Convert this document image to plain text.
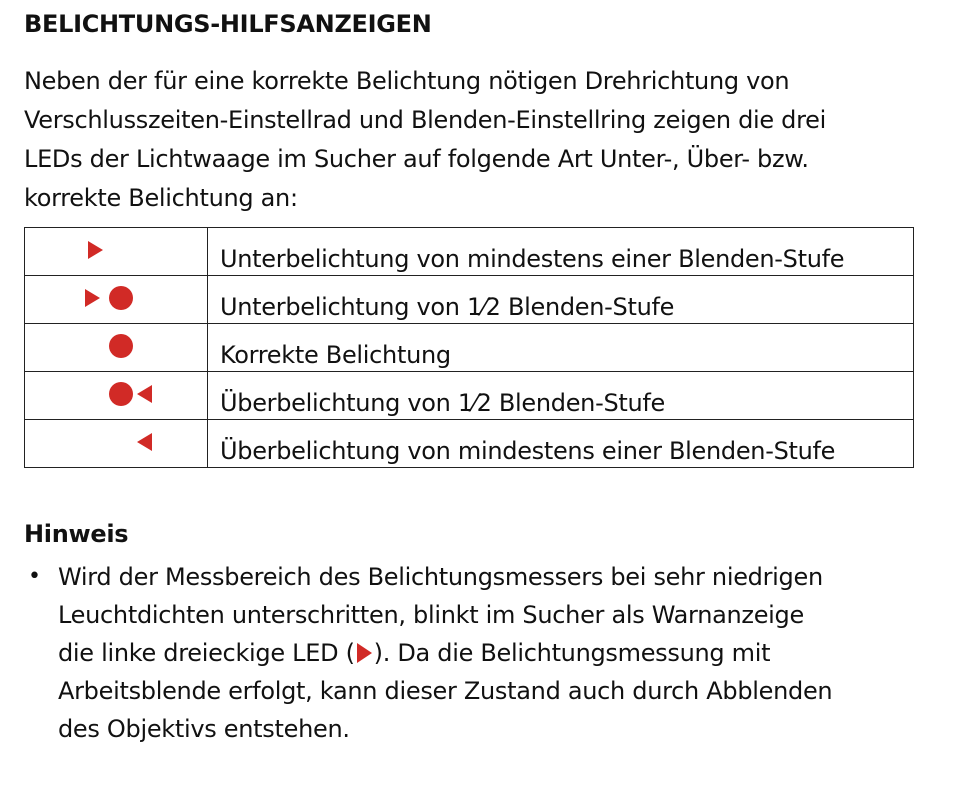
BELICHTUNGS-HILFSANZEIGEN
Neben der für eine korrekte Belichtung nötigen Drehrichtung von
Verschlusszeiten-Einstellrad und Blenden-Einstellring zeigen die drei
LEDs der Lichtwaage im Sucher auf folgende Art Unter-, Über- bzw.
korrekte Belichtung an:
	Unterbelichtung von mindestens einer Blenden-Stufe

	Unterbelichtung von 1⁄2 Blenden-Stufe

	Korrekte Belichtung

	Überbelichtung von 1⁄2 Blenden-Stufe

	Überbelichtung von mindestens einer Blenden-Stufe
Hinweis
• Wird der Messbereich des Belichtungsmessers bei sehr niedrigen
Leuchtdichten unterschritten, blinkt im Sucher als Warnanzeige
die linke dreieckige LED ( ). Da die Belichtungsmessung mit
Arbeitsblende erfolgt, kann dieser Zustand auch durch Abblenden
des Objektivs entstehen.
